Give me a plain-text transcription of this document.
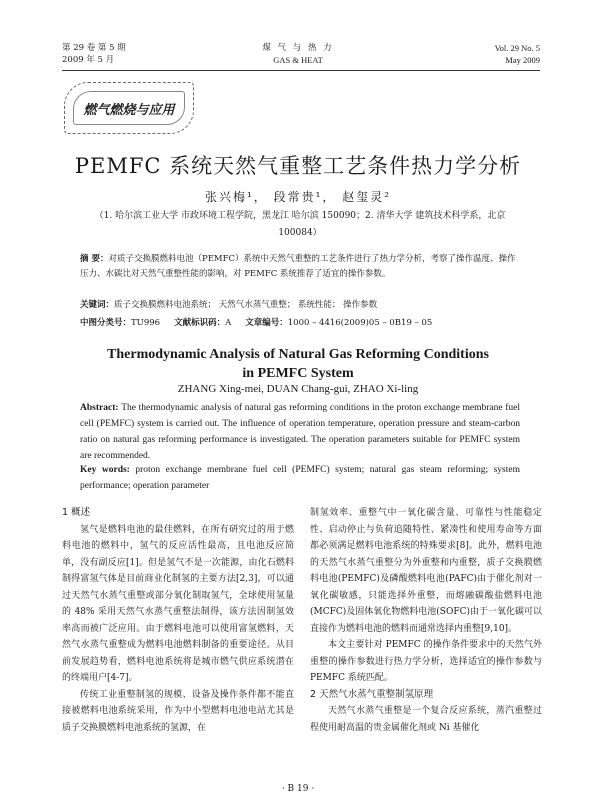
第 29 卷 第 5 期
2009 年 5 月
煤 气 与 热 力
GAS & HEAT
Vol. 29 No. 5
May 2009
燃气燃烧与应用
PEMFC 系统天然气重整工艺条件热力学分析
张兴梅¹， 段常贵¹， 赵玺灵²
（1. 哈尔滨工业大学 市政环境工程学院，黑龙江 哈尔滨 150090；2. 清华大学 建筑技术科学系，北京 100084）
摘 要：对质子交换膜燃料电池（PEMFC）系统中天然气重整的工艺条件进行了热力学分析，考察了操作温度、操作压力、水碳比对天然气重整性能的影响，对 PEMFC 系统推荐了适宜的操作参数。
关键词：质子交换膜燃料电池系统； 天然气水蒸气重整； 系统性能； 操作参数
中图分类号：TU996 文献标识码：A 文章编号：1000 – 4416(2009)05 – 0B19 – 05
Thermodynamic Analysis of Natural Gas Reforming Conditions
in PEMFC System
ZHANG Xing-mei, DUAN Chang-gui, ZHAO Xi-ling
Abstract: The thermodynamic analysis of natural gas reforming conditions in the proton exchange membrane fuel cell (PEMFC) system is carried out. The influence of operation temperature, operation pressure and steam-carbon ratio on natural gas reforming performance is investigated. The operation parameters suitable for PEMFC system are recommended.
Key words: proton exchange membrane fuel cell (PEMFC) system; natural gas steam reforming; system performance; operation parameter
1 概述

氢气是燃料电池的最佳燃料，在所有研究过的用于燃料电池的燃料中，氢气的反应活性最高，且电池反应简单，没有副反应[1]。但是氢气不是一次能源，由化石燃料制得富氢气体是目前商业化制氢的主要方法[2,3]，可以通过天然气水蒸气重整或部分氧化制取氢气，全球使用氢量的 48% 采用天然气水蒸气重整法制得，该方法因制氢效率高而被广泛应用。由于燃料电池可以使用富氢燃料，天然气水蒸气重整成为燃料电池燃料制备的重要途径。从目前发展趋势看，燃料电池系统将是城市燃气供应系统潜在的终端用户[4-7]。

传统工业重整制氢的规模、设备及操作条件都不能直接被燃料电池系统采用，作为中小型燃料电池电站尤其是质子交换膜燃料电池系统的氢源，在

制氢效率、重整气中一氧化碳含量、可靠性与性能稳定性、启动停止与负荷追随特性、紧凑性和使用寿命等方面都必须满足燃料电池系统的特殊要求[8]。此外，燃料电池的天然气水蒸气重整分为外重整和内重整，质子交换膜燃料电池(PEMFC)及磷酸燃料电池(PAFC)由于催化剂对一氧化碳敏感，只能选择外重整，而熔融碳酸盐燃料电池(MCFC)及固体氧化物燃料电池(SOFC)由于一氧化碳可以直接作为燃料电池的燃料而通常选择内重整[9,10]。

本文主要针对 PEMFC 的操作条件要求中的天然气外重整的操作参数进行热力学分析，选择适宜的操作参数与 PEMFC 系统匹配。

2 天然气水蒸气重整制氢原理

天然气水蒸气重整是一个复合反应系统，蒸汽重整过程使用耐高温的贵金属催化剂或 Ni 基催化

· B 19 ·
